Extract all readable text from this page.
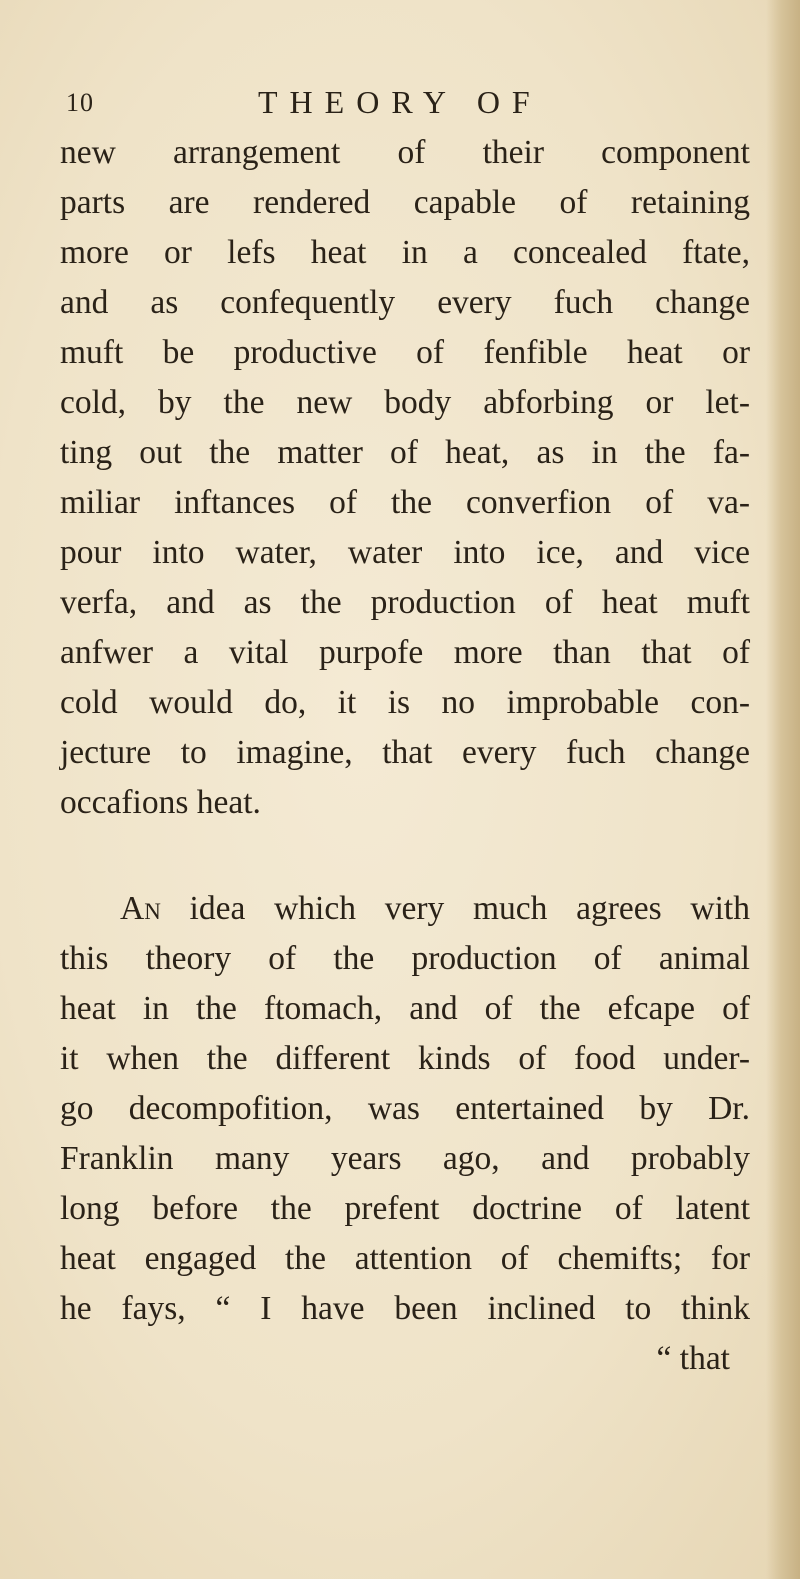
10	THEORY OF
new arrangement of their component
parts are rendered capable of retaining
more or lefs heat in a concealed ftate,
and as confequently every fuch change
muft be productive of fenfible heat or
cold, by the new body abforbing or let-
ting out the matter of heat, as in the fa-
miliar inftances of the converfion of va-
pour into water, water into ice, and vice
verfa, and as the production of heat muft
anfwer a vital purpofe more than that of
cold would do, it is no improbable con-
jecture to imagine, that every fuch change
occafions heat.
An idea which very much agrees with
this theory of the production of animal
heat in the ftomach, and of the efcape of
it when the different kinds of food under-
go decompofition, was entertained by Dr.
Franklin many years ago, and probably
long before the prefent doctrine of latent
heat engaged the attention of chemifts; for
he fays, “ I have been inclined to think
“ that
